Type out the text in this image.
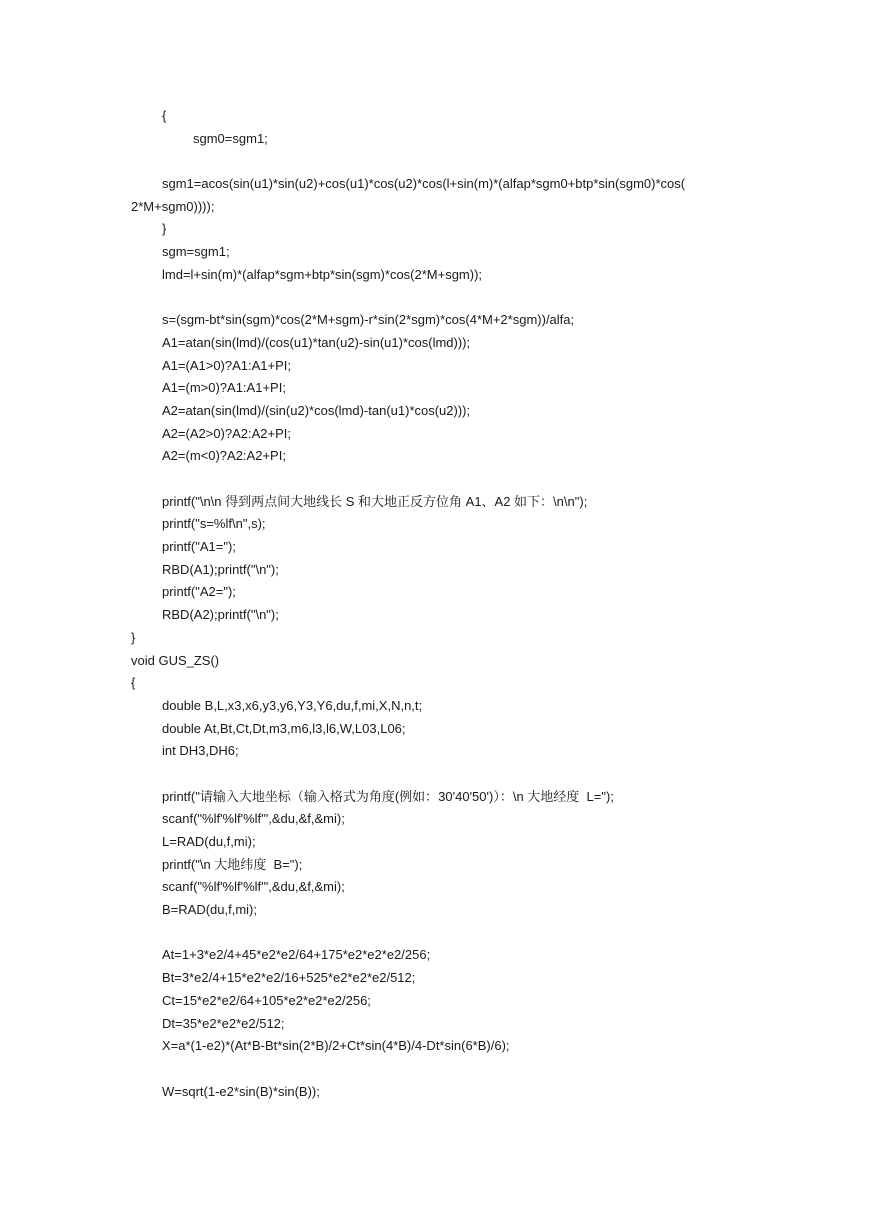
{
sgm0=sgm1;
sgm1=acos(sin(u1)*sin(u2)+cos(u1)*cos(u2)*cos(l+sin(m)*(alfap*sgm0+btp*sin(sgm0)*cos(
2*M+sgm0))));
}
sgm=sgm1;
lmd=l+sin(m)*(alfap*sgm+btp*sin(sgm)*cos(2*M+sgm));
s=(sgm-bt*sin(sgm)*cos(2*M+sgm)-r*sin(2*sgm)*cos(4*M+2*sgm))/alfa;
A1=atan(sin(lmd)/(cos(u1)*tan(u2)-sin(u1)*cos(lmd)));
A1=(A1>0)?A1:A1+PI;
A1=(m>0)?A1:A1+PI;
A2=atan(sin(lmd)/(sin(u2)*cos(lmd)-tan(u1)*cos(u2)));
A2=(A2>0)?A2:A2+PI;
A2=(m<0)?A2:A2+PI;
printf("\n\n 得到两点间大地线长 S 和大地正反方位角 A1、A2 如下：\n\n");
printf("s=%lf\n",s);
printf("A1=");
RBD(A1);printf("\n");
printf("A2=");
RBD(A2);printf("\n");
}
void GUS_ZS()
{
double B,L,x3,x6,y3,y6,Y3,Y6,du,f,mi,X,N,n,t;
double At,Bt,Ct,Dt,m3,m6,l3,l6,W,L03,L06;
int DH3,DH6;
printf("请输入大地坐标（输入格式为角度(例如：30'40'50')）：\n 大地经度  L=");
scanf("%lf'%lf'%lf'",&du,&f,&mi);
L=RAD(du,f,mi);
printf("\n 大地纬度  B=");
scanf("%lf'%lf'%lf'",&du,&f,&mi);
B=RAD(du,f,mi);
At=1+3*e2/4+45*e2*e2/64+175*e2*e2*e2/256;
Bt=3*e2/4+15*e2*e2/16+525*e2*e2*e2/512;
Ct=15*e2*e2/64+105*e2*e2*e2/256;
Dt=35*e2*e2*e2/512;
X=a*(1-e2)*(At*B-Bt*sin(2*B)/2+Ct*sin(4*B)/4-Dt*sin(6*B)/6);
W=sqrt(1-e2*sin(B)*sin(B));
